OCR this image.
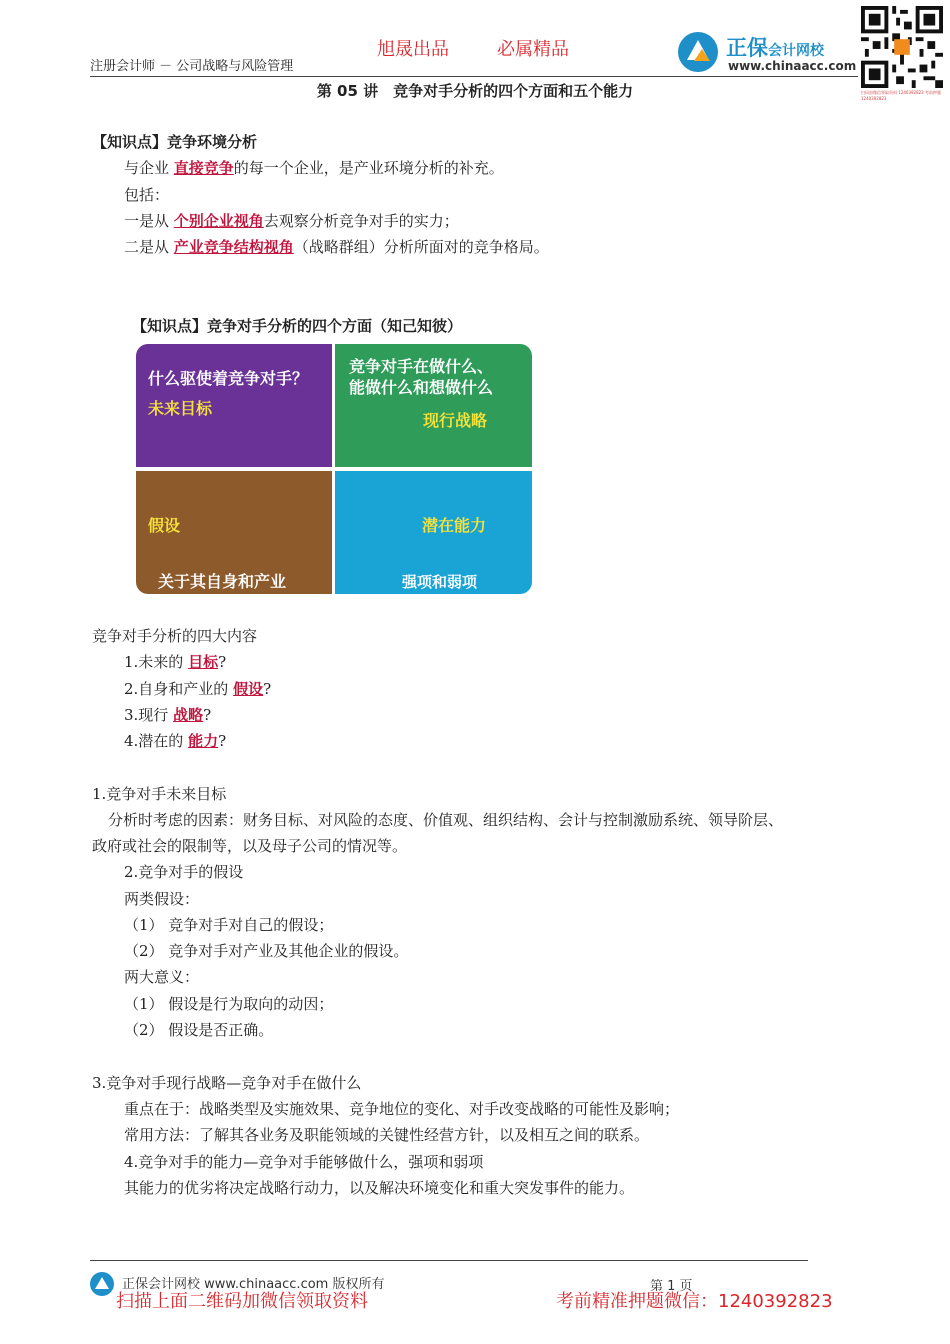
旭晟出品	必属精品
注册会计师 － 公司战略与风险管理
正保会计网校
www.chinaacc.com
扫码加微信领取资料 1240392823 考前押题 1240392823
第 05 讲　竞争对手分析的四个方面和五个能力
【知识点】竞争环境分析
与企业 直接竞争的每一个企业，是产业环境分析的补充。
包括：
一是从 个别企业视角去观察分析竞争对手的实力；
二是从 产业竞争结构视角（战略群组）分析所面对的竞争格局。
【知识点】竞争对手分析的四个方面（知己知彼）
什么驱使着竞争对手？
未来目标
竞争对手在做什么、
能做什么和想做什么
现行战略
假设
关于其自身和产业
潜在能力
强项和弱项
竞争对手分析的四大内容
1.未来的 目标?
2.自身和产业的 假设?
3.现行 战略?
4.潜在的 能力?
1.竞争对手未来目标
分析时考虑的因素：财务目标、对风险的态度、价值观、组织结构、会计与控制激励系统、领导阶层、
政府或社会的限制等，以及母子公司的情况等。
2.竞争对手的假设
两类假设：
（1） 竞争对手对自己的假设；
（2） 竞争对手对产业及其他企业的假设。
两大意义：
（1） 假设是行为取向的动因；
（2） 假设是否正确。
3.竞争对手现行战略—竞争对手在做什么
重点在于：战略类型及实施效果、竞争地位的变化、对手改变战略的可能性及影响；
常用方法：了解其各业务及职能领域的关键性经营方针，以及相互之间的联系。
4.竞争对手的能力—竞争对手能够做什么，强项和弱项
其能力的优劣将决定战略行动力，以及解决环境变化和重大突发事件的能力。
正保会计网校 www.chinaacc.com 版权所有	第 1 页
扫描上面二维码加微信领取资料	考前精准押题微信：1240392823
